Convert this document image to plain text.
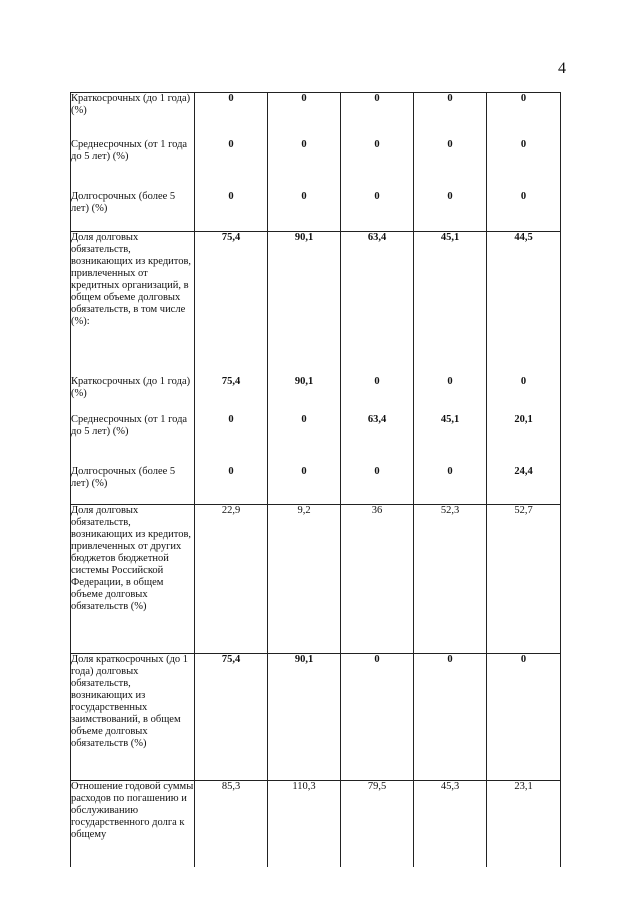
4
Краткосрочных (до 1 года) (%)	0	0	0	0	0
Среднесрочных (от 1 года до 5 лет) (%)	0	0	0	0	0
Долгосрочных (более 5 лет) (%)	0	0	0	0	0
Доля долговых обязательств, возникающих из кредитов, привлеченных от кредитных организаций, в общем объеме долговых обязательств, в том числе (%):	75,4	90,1	63,4	45,1	44,5
Краткосрочных (до 1 года) (%)	75,4	90,1	0	0	0
Среднесрочных (от 1 года до 5 лет) (%)	0	0	63,4	45,1	20,1
Долгосрочных (более 5 лет) (%)	0	0	0	0	24,4
Доля долговых обязательств, возникающих из кредитов, привлеченных от других бюджетов бюджетной системы Российской Федерации, в общем объеме долговых обязательств (%)	22,9	9,2	36	52,3	52,7
Доля краткосрочных (до 1 года) долговых обязательств, возникающих из государственных заимствований, в общем объеме долговых обязательств (%)	75,4	90,1	0	0	0
Отношение годовой суммы расходов по погашению и обслуживанию государственного долга к общему	85,3	110,3	79,5	45,3	23,1
